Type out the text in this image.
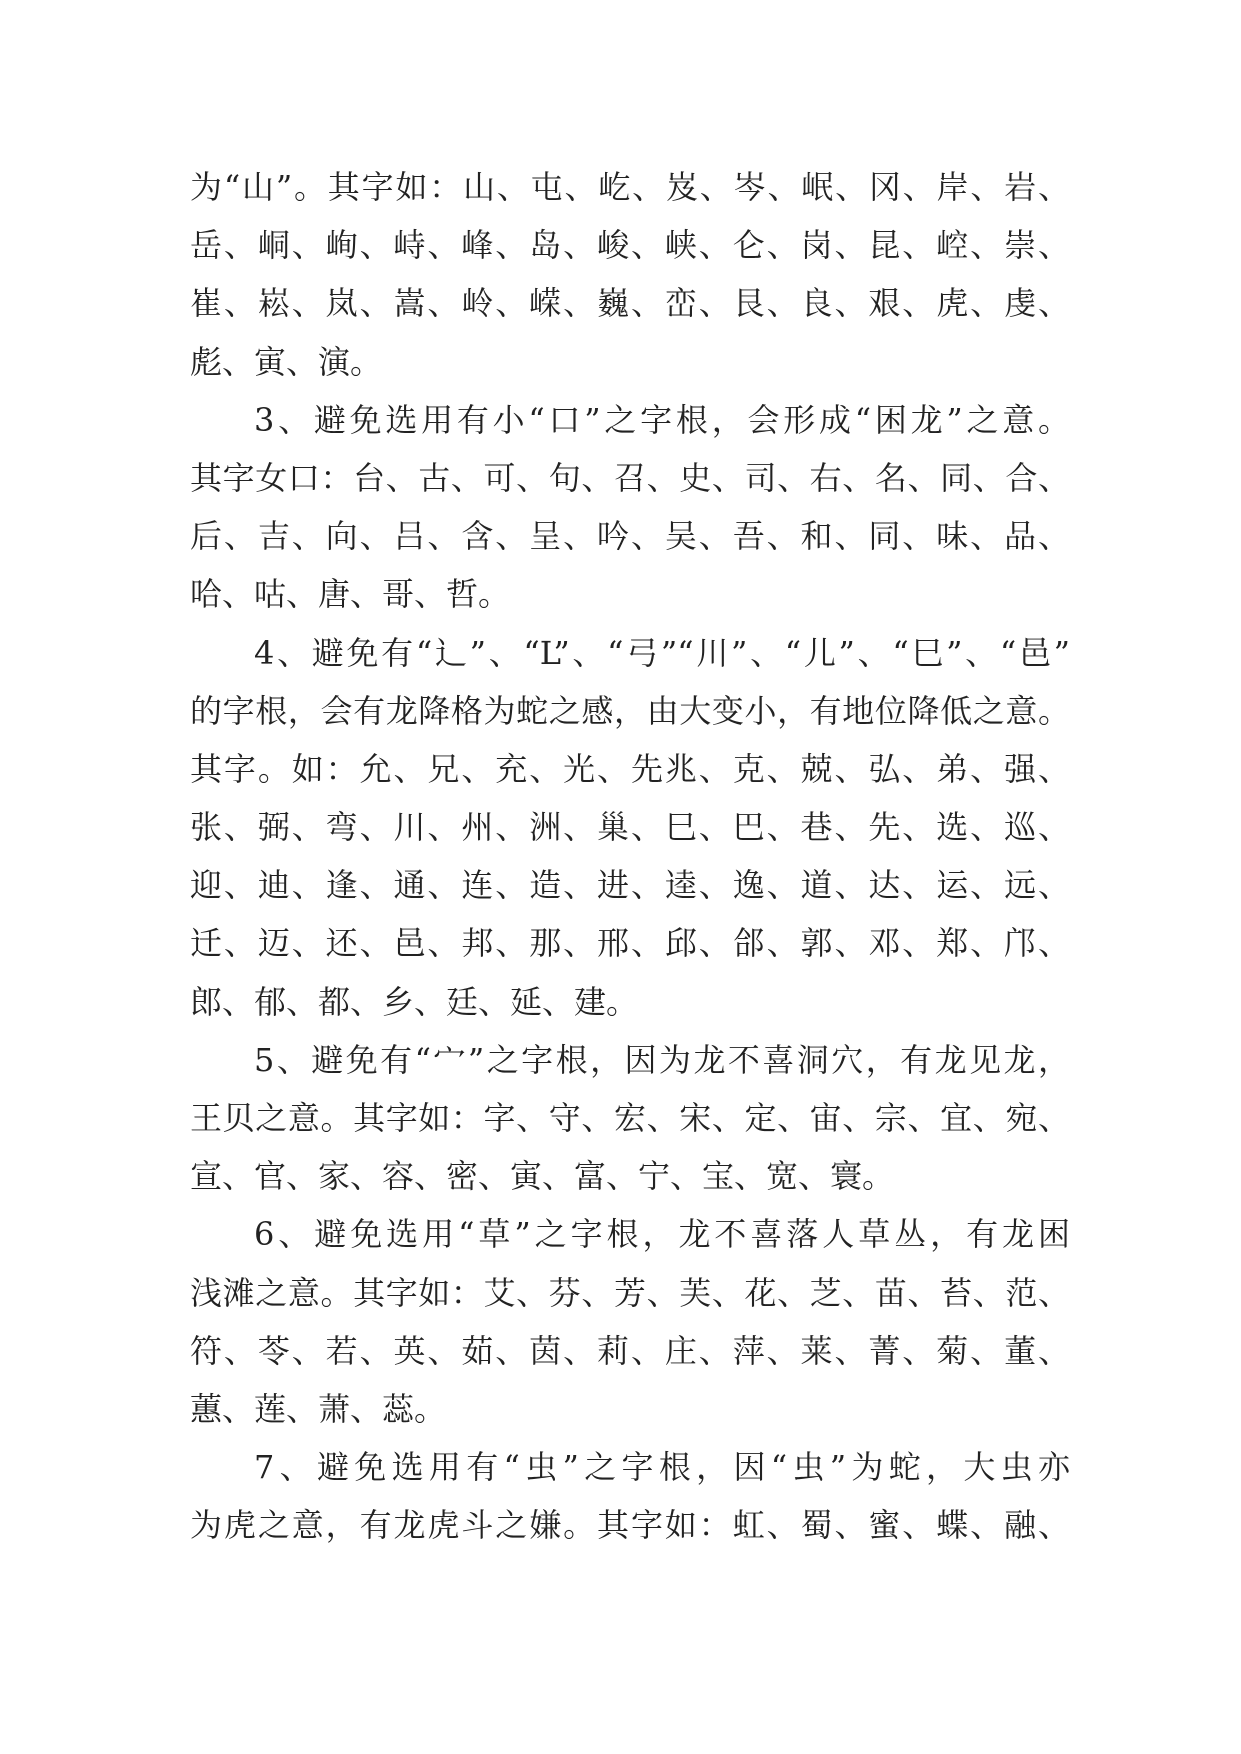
为“山”。其字如：山、屯、屹、岌、岑、岷、冈、岸、岩、
岳、峒、峋、峙、峰、岛、峻、峡、仑、岗、昆、崆、崇、
崔、崧、岚、嵩、岭、嵘、巍、峦、艮、良、艰、虎、虔、
彪、寅、演。
3、避免选用有小“口”之字根，会形成“困龙”之意。
其字女口：台、古、可、句、召、史、司、右、名、同、合、
后、吉、向、吕、含、呈、吟、吴、吾、和、同、味、品、
哈、咕、唐、哥、哲。
4、避免有“辶”、“L”、“弓”“川”、“儿”、“巳”、“邑”
的字根，会有龙降格为蛇之感，由大变小，有地位降低之意。
其字。如：允、兄、充、光、先兆、克、兢、弘、弟、强、
张、弼、弯、川、州、洲、巢、巳、巴、巷、先、选、巡、
迎、迪、逢、通、连、造、进、逵、逸、道、达、运、远、
迁、迈、还、邑、邦、那、邢、邱、郃、郭、邓、郑、邝、
郎、郁、都、乡、廷、延、建。
5、避免有“宀”之字根，因为龙不喜洞穴，有龙见龙，
王贝之意。其字如：字、守、宏、宋、定、宙、宗、宜、宛、
宣、官、家、容、密、寅、富、宁、宝、宽、寰。
6、避免选用“草”之字根，龙不喜落人草丛，有龙困
浅滩之意。其字如：艾、芬、芳、芙、花、芝、苗、苔、范、
符、苓、若、英、茹、茵、莉、庄、萍、莱、菁、菊、董、
蕙、莲、萧、蕊。
7、避免选用有“虫”之字根，因“虫”为蛇，大虫亦
为虎之意，有龙虎斗之嫌。其字如：虹、蜀、蜜、蝶、融、
